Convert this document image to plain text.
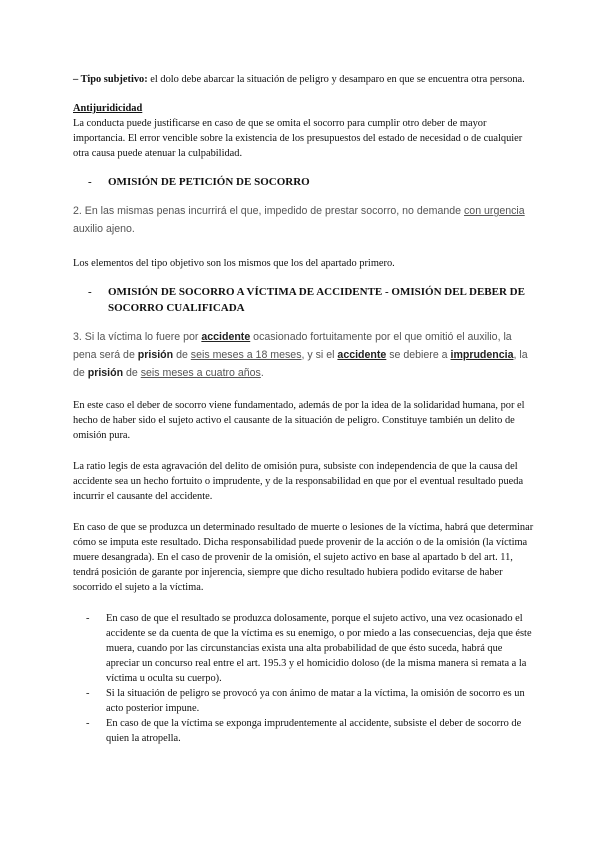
– Tipo subjetivo: el dolo debe abarcar la situación de peligro y desamparo en que se encuentra otra persona.

Antijuridicidad

La conducta puede justificarse en caso de que se omita el socorro para cumplir otro deber de mayor importancia. El error vencible sobre la existencia de los presupuestos del estado de necesidad o de cualquier otra causa puede atenuar la culpabilidad.

-	OMISIÓN DE PETICIÓN DE SOCORRO

2. En las mismas penas incurrirá el que, impedido de prestar socorro, no demande con urgencia auxilio ajeno.

Los elementos del tipo objetivo son los mismos que los del apartado primero.

-	OMISIÓN DE SOCORRO A VÍCTIMA DE ACCIDENTE - OMISIÓN DEL DEBER DE SOCORRO CUALIFICADA

3. Si la víctima lo fuere por accidente ocasionado fortuitamente por el que omitió el auxilio, la pena será de prisión de seis meses a 18 meses, y si el accidente se debiere a imprudencia, la de prisión de seis meses a cuatro años.

En este caso el deber de socorro viene fundamentado, además de por la idea de la solidaridad humana, por el hecho de haber sido el sujeto activo el causante de la situación de peligro. Constituye también un delito de omisión pura.

La ratio legis de esta agravación del delito de omisión pura, subsiste con independencia de que la causa del accidente sea un hecho fortuito o imprudente, y de la responsabilidad en que por el eventual resultado pueda incurrir el causante del accidente.

En caso de que se produzca un determinado resultado de muerte o lesiones de la víctima, habrá que determinar cómo se imputa este resultado. Dicha responsabilidad puede provenir de la acción o de la omisión (la víctima muere desangrada). En el caso de provenir de la omisión, el sujeto activo en base al apartado b del art. 11, tendrá posición de garante por injerencia, siempre que dicho resultado hubiera podido evitarse de haber socorrido el sujeto a la víctima.

-	En caso de que el resultado se produzca dolosamente, porque el sujeto activo, una vez ocasionado el accidente se da cuenta de que la víctima es su enemigo, o por miedo a las consecuencias, deja que éste muera, cuando por las circunstancias exista una alta probabilidad de que ésto suceda, habrá que apreciar un concurso real entre el art. 195.3 y el homicidio doloso (de la misma manera si remata a la víctima u oculta su cuerpo).
-	Si la situación de peligro se provocó ya con ánimo de matar a la víctima, la omisión de socorro es un acto posterior impune.
-	En caso de que la víctima se exponga imprudentemente al accidente, subsiste el deber de socorro de quien la atropella.
